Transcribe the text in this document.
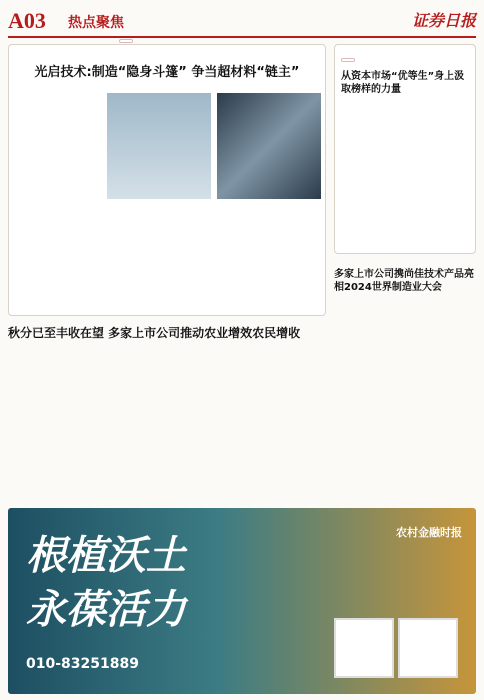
A03 热点聚焦	证券日报
光启技术:制造“隐身斗篷” 争当超材料“链主”
秋分已至丰收在望 多家上市公司推动农业增效农民增收
从资本市场“优等生”身上汲取榜样的力量
多家上市公司携尚佳技术产品亮相2024世界制造业大会
根植沃土
永葆活力
农村金融时报
010-83251889
